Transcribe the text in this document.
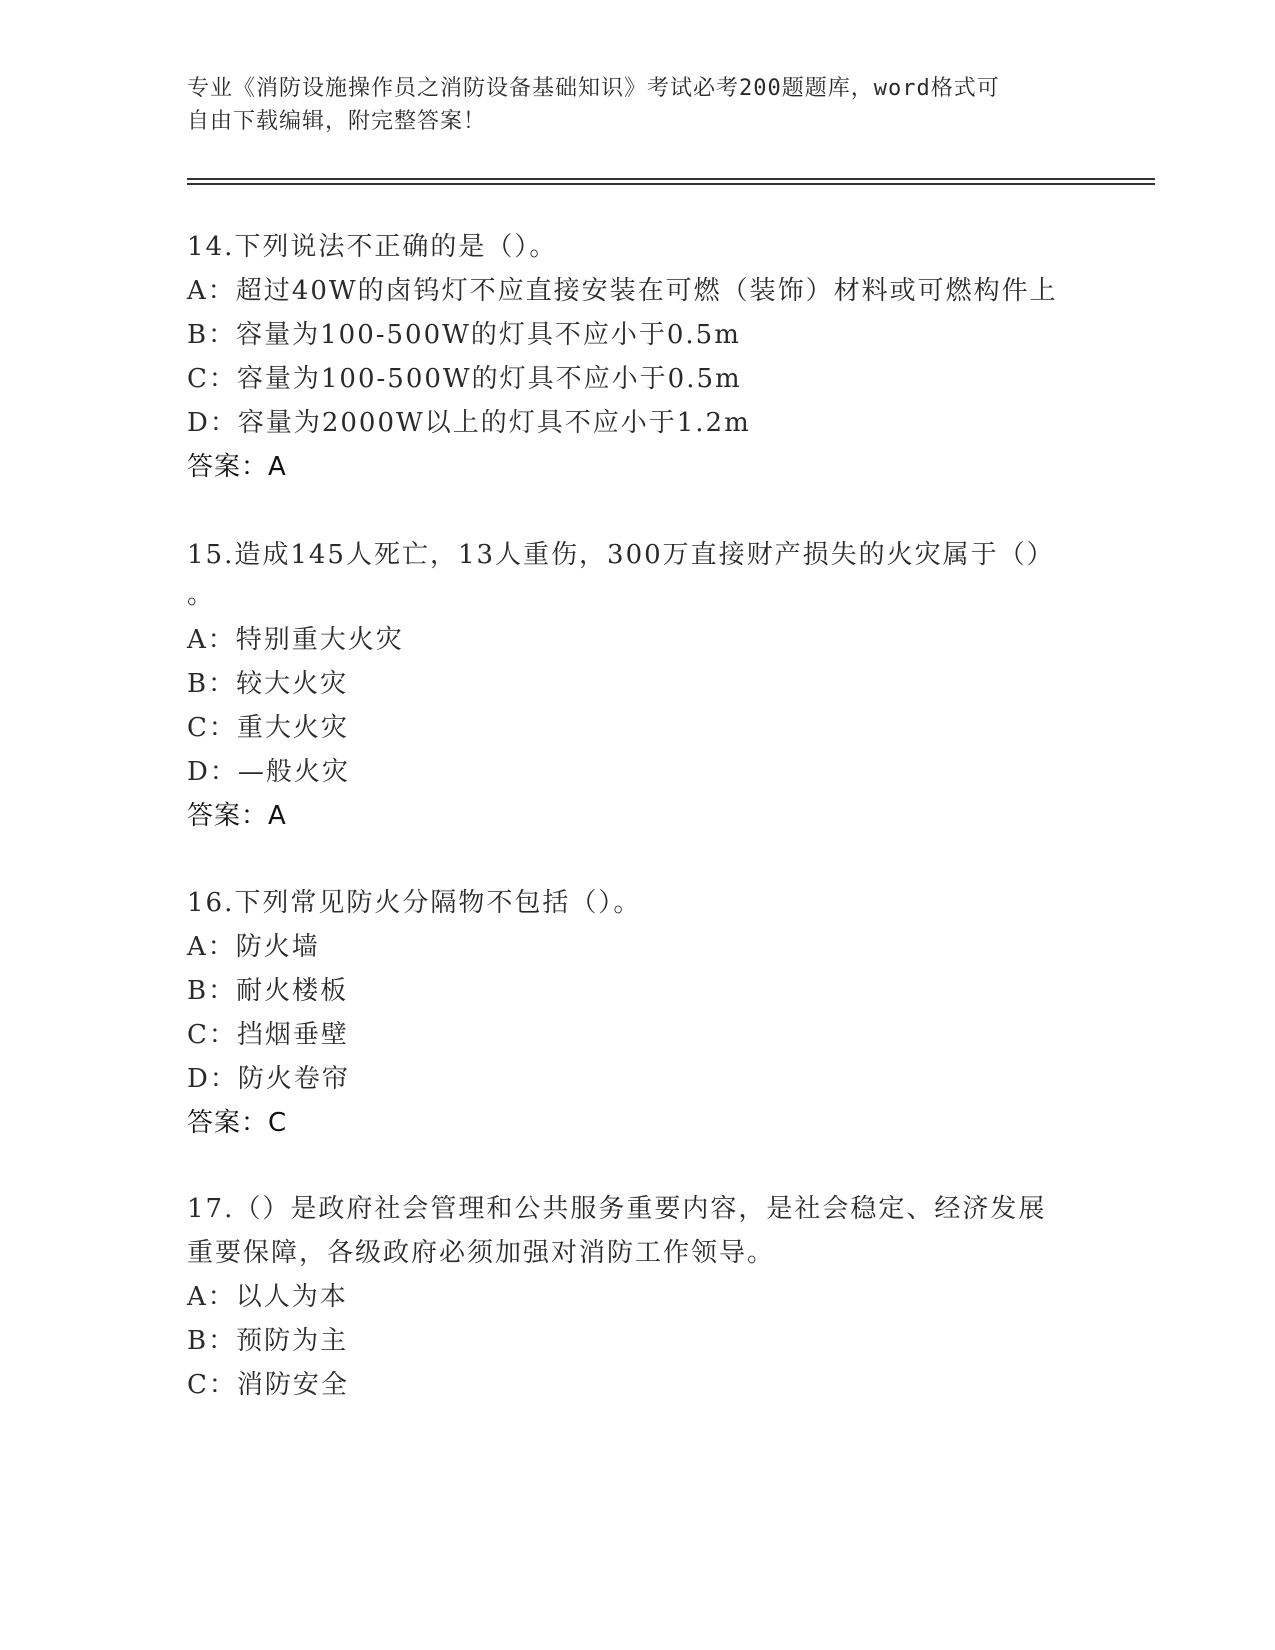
专业《消防设施操作员之消防设备基础知识》考试必考200题题库，word格式可
自由下载编辑，附完整答案！
14.下列说法不正确的是（）。
A：超过40W的卤钨灯不应直接安装在可燃（装饰）材料或可燃构件上
B：容量为100-500W的灯具不应小于0.5m
C：容量为100-500W的灯具不应小于0.5m
D：容量为2000W以上的灯具不应小于1.2m
答案：A
15.造成145人死亡，13人重伤，300万直接财产损失的火灾属于（）
。
A：特别重大火灾
B：较大火灾
C：重大火灾
D：—般火灾
答案：A
16.下列常见防火分隔物不包括（）。
A：防火墙
B：耐火楼板
C：挡烟垂壁
D：防火卷帘
答案：C
17.（）是政府社会管理和公共服务重要内容，是社会稳定、经济发展
重要保障，各级政府必须加强对消防工作领导。
A：以人为本
B：预防为主
C：消防安全
